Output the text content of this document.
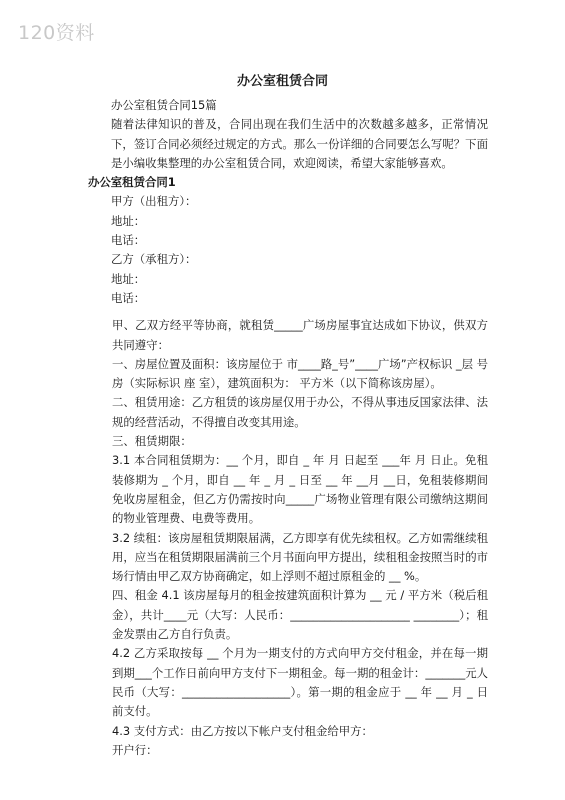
120资料
办公室租赁合同

办公室租赁合同15篇

随着法律知识的普及，合同出现在我们生活中的次数越多越多，正常情况下，签订合同必须经过规定的方式。那么一份详细的合同要怎么写呢？下面是小编收集整理的办公室租赁合同，欢迎阅读，希望大家能够喜欢。

办公室租赁合同1

甲方（出租方）：

地址：

电话：

乙方（承租方）：

地址：

电话：

甲、乙双方经平等协商，就租赁_____广场房屋事宜达成如下协议，供双方共同遵守：

一、房屋位置及面积：该房屋位于 市____路_号”____广场”产权标识 _层 号房（实际标识 座 室），建筑面积为： 平方米（以下简称该房屋）。

二、租赁用途：乙方租赁的该房屋仅用于办公，不得从事违反国家法律、法规的经营活动，不得擅自改变其用途。

三、租赁期限：

3.1 本合同租赁期为：__ 个月，即自 _ 年 月 日起至 ___年 月 日止。免租装修期为 _ 个月，即自 __ 年 _ 月 _ 日至 __ 年 __月 __日，免租装修期间免收房屋租金，但乙方仍需按时向_____广场物业管理有限公司缴纳这期间的物业管理费、电费等费用。

3.2 续租：该房屋租赁期限届满，乙方即享有优先续租权。乙方如需继续租用，应当在租赁期限届满前三个月书面向甲方提出，续租租金按照当时的市场行情由甲乙双方协商确定，如上浮则不超过原租金的 __ %。

四、租金 4.1 该房屋每月的租金按建筑面积计算为 __ 元 / 平方米（税后租金），共计____元（大写：人民币：_____________________ ________）；租金发票由乙方自行负责。

4.2 乙方采取按每 __ 个月为一期支付的方式向甲方交付租金，并在每一期到期___个工作日前向甲方支付下一期租金。每一期的租金计：_______元人民币（大写：___________________）。第一期的租金应于 __ 年 __ 月 _ 日前支付。

4.3 支付方式：由乙方按以下帐户支付租金给甲方：

开户行：
